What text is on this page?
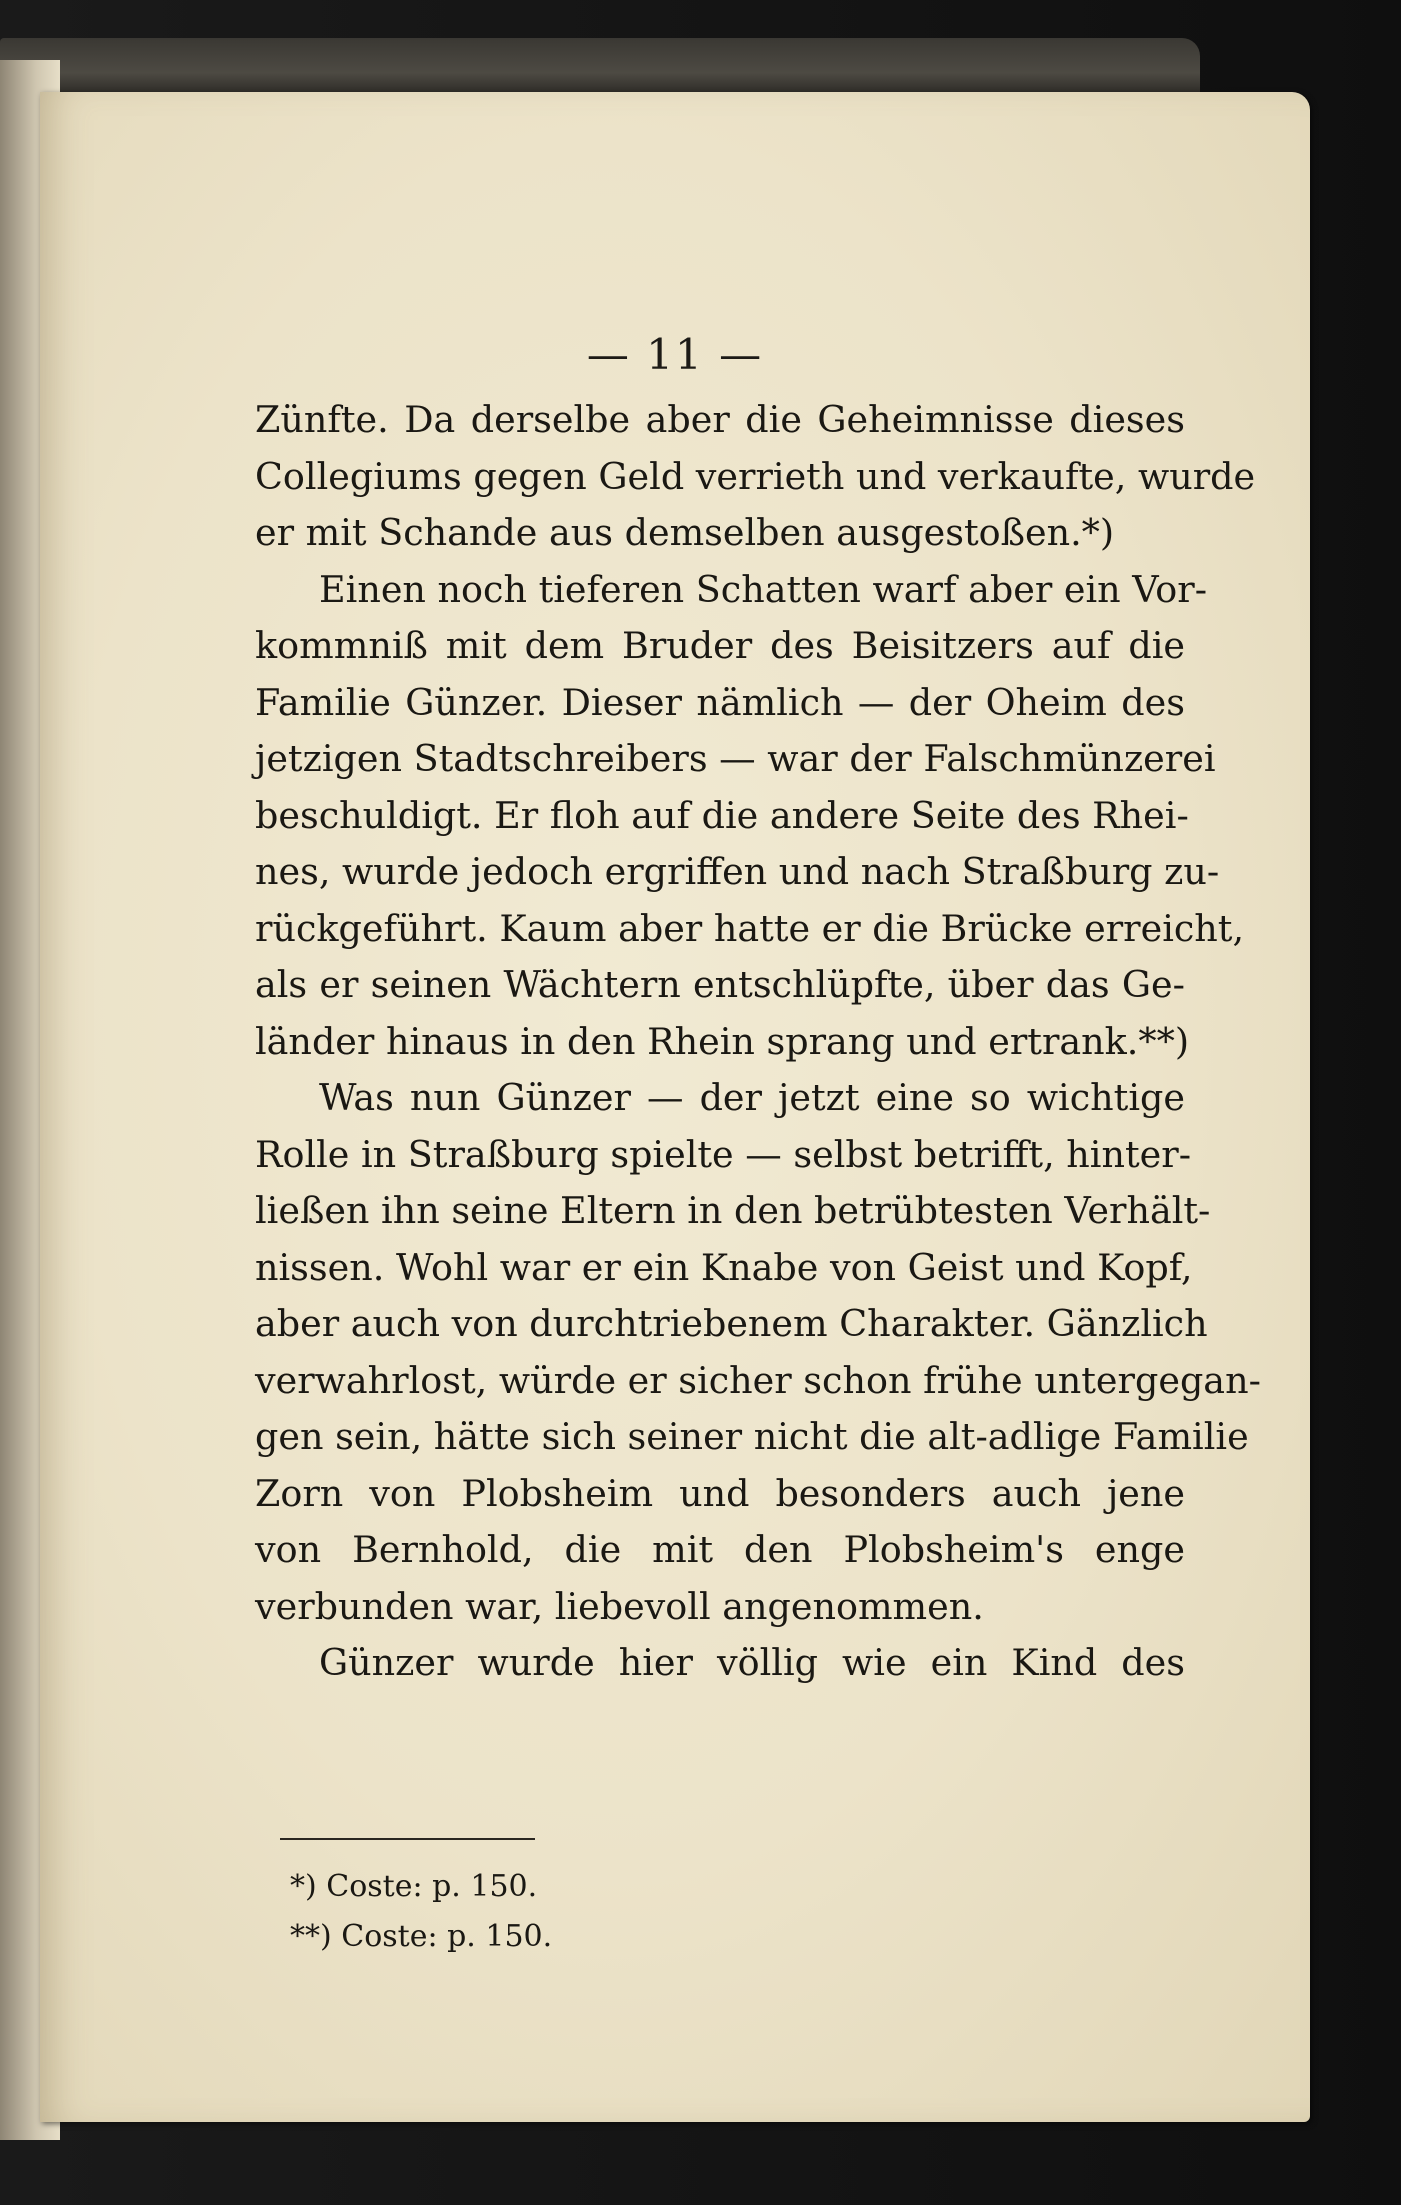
— 11 —
Zünfte. Da derselbe aber die Geheimnisse dieses
Collegiums gegen Geld verrieth und verkaufte, wurde
er mit Schande aus demselben ausgestoßen.*)
Einen noch tieferen Schatten warf aber ein Vor-
kommniß mit dem Bruder des Beisitzers auf die
Familie Günzer. Dieser nämlich — der Oheim des
jetzigen Stadtschreibers — war der Falschmünzerei
beschuldigt. Er floh auf die andere Seite des Rhei-
nes, wurde jedoch ergriffen und nach Straßburg zu-
rückgeführt. Kaum aber hatte er die Brücke erreicht,
als er seinen Wächtern entschlüpfte, über das Ge-
länder hinaus in den Rhein sprang und ertrank.**)
Was nun Günzer — der jetzt eine so wichtige
Rolle in Straßburg spielte — selbst betrifft, hinter-
ließen ihn seine Eltern in den betrübtesten Verhält-
nissen. Wohl war er ein Knabe von Geist und Kopf,
aber auch von durchtriebenem Charakter. Gänzlich
verwahrlost, würde er sicher schon frühe untergegan-
gen sein, hätte sich seiner nicht die alt-adlige Familie
Zorn von Plobsheim und besonders auch jene
von Bernhold, die mit den Plobsheim's enge
verbunden war, liebevoll angenommen.
Günzer wurde hier völlig wie ein Kind des
*) Coste: p. 150.
**) Coste: p. 150.
